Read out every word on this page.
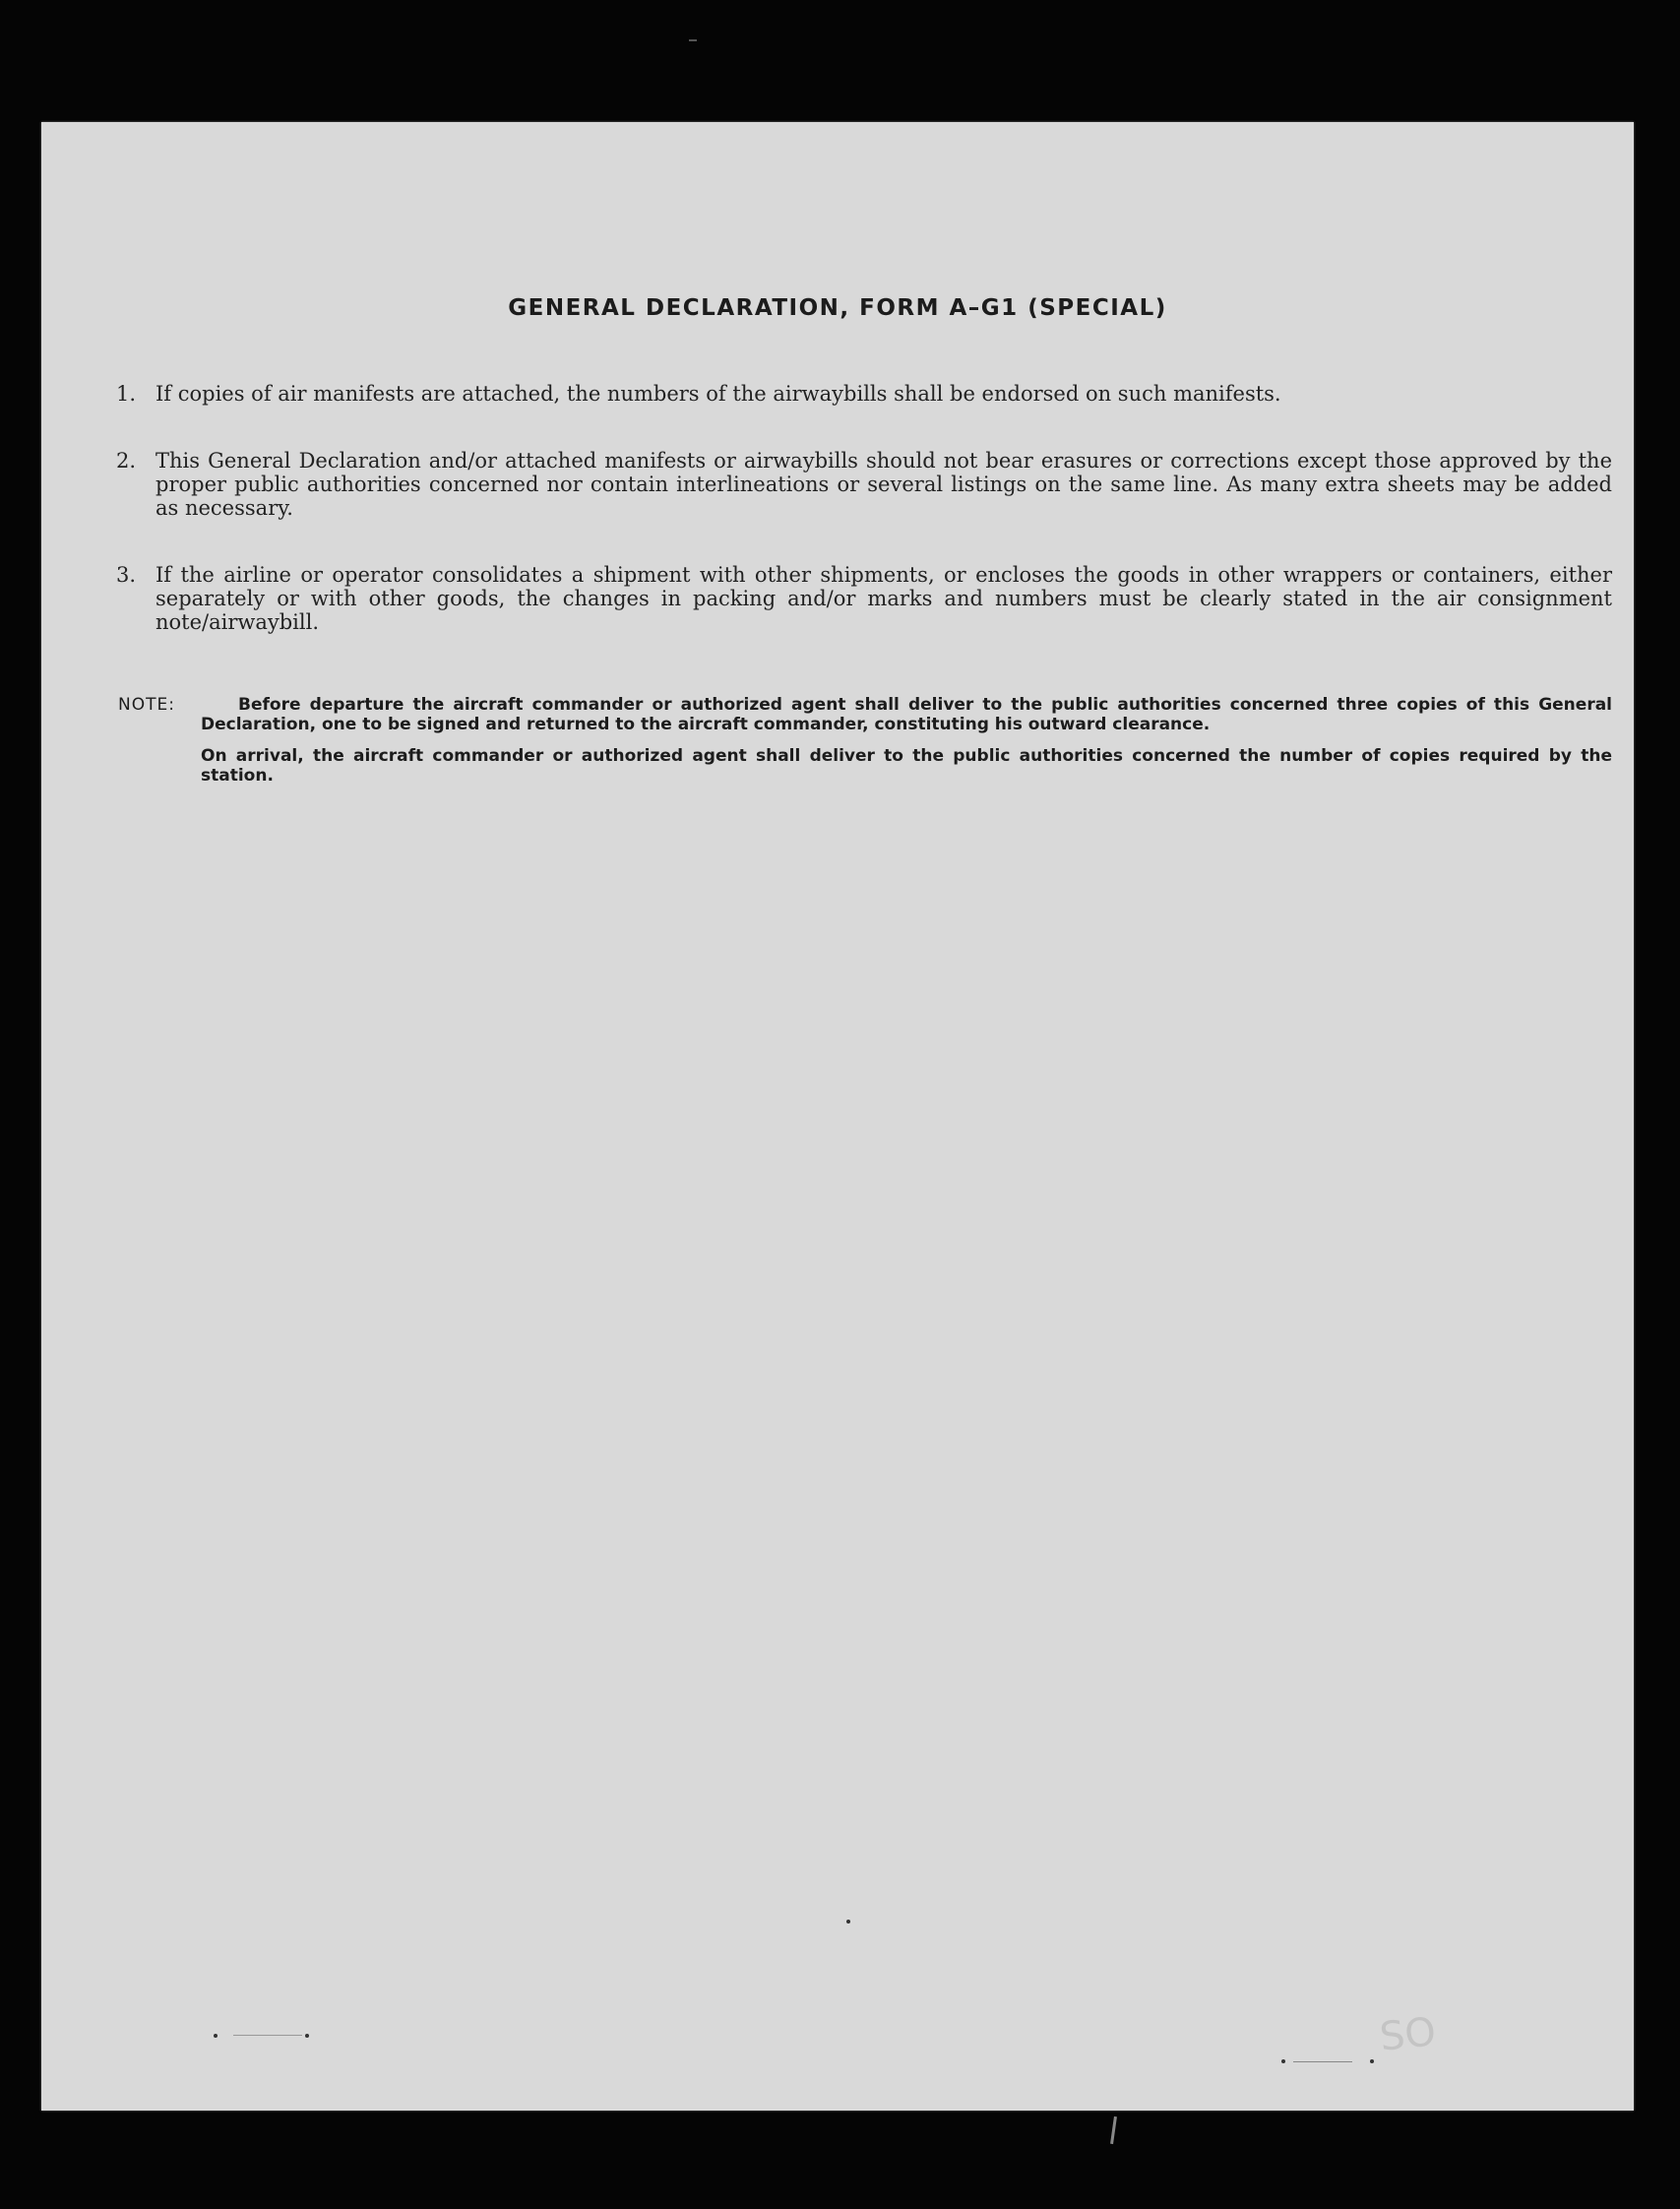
GENERAL DECLARATION, FORM A–G1 (SPECIAL)
1. If copies of air manifests are attached, the numbers of the airwaybills shall be endorsed on such manifests.
2. This General Declaration and/or attached manifests or airwaybills should not bear erasures or corrections except those approved by the proper public authorities concerned nor contain interlineations or several listings on the same line. As many extra sheets may be added as necessary.
3. If the airline or operator consolidates a shipment with other shipments, or encloses the goods in other wrappers or containers, either separately or with other goods, the changes in packing and/or marks and numbers must be clearly stated in the air consignment note/airwaybill.
NOTE:	Before departure the aircraft commander or authorized agent shall deliver to the public authorities concerned three copies of this General Declaration, one to be signed and returned to the aircraft commander, constituting his outward clearance.
On arrival, the aircraft commander or authorized agent shall deliver to the public authorities concerned the number of copies required by the station.
SO
